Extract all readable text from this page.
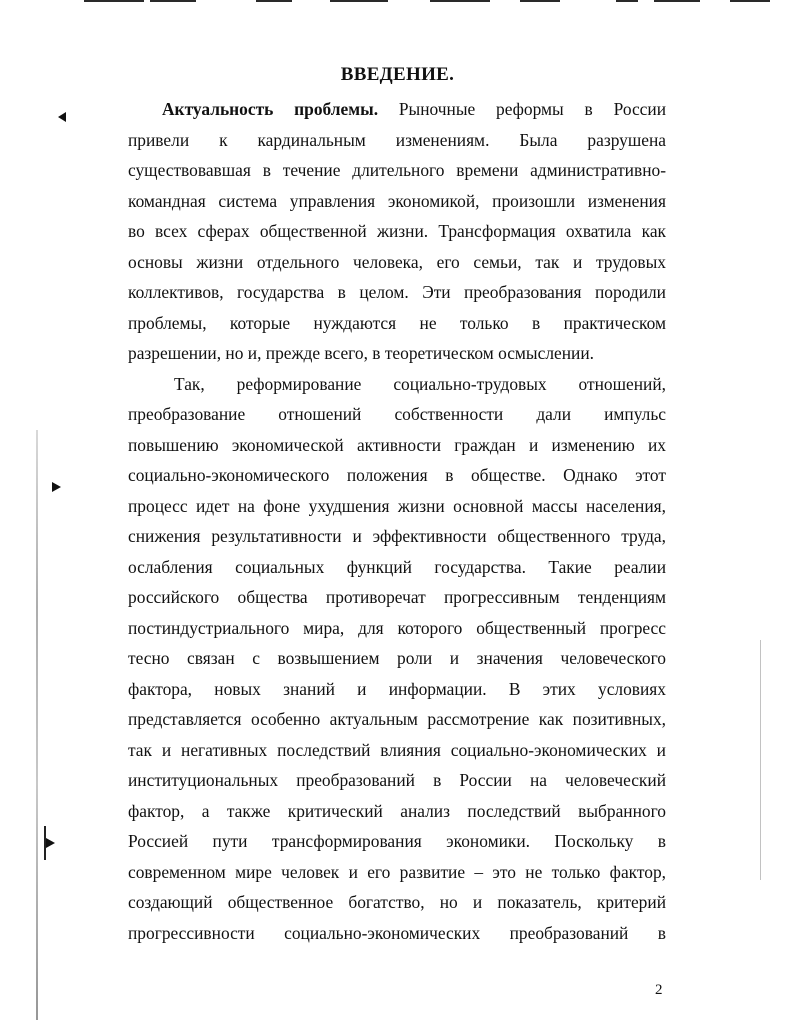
ВВЕДЕНИЕ.
Актуальность проблемы. Рыночные реформы в России
привели к кардинальным изменениям. Была разрушена
существовавшая в течение длительного времени административно-
командная система управления экономикой, произошли изменения
во всех сферах общественной жизни. Трансформация охватила как
основы жизни отдельного человека, его семьи, так и трудовых
коллективов, государства в целом. Эти преобразования породили
проблемы, которые нуждаются не только в практическом
разрешении, но и, прежде всего, в теоретическом осмыслении.
Так, реформирование социально-трудовых отношений,
преобразование отношений собственности дали импульс
повышению экономической активности граждан и изменению их
социально-экономического положения в обществе. Однако этот
процесс идет на фоне ухудшения жизни основной массы населения,
снижения результативности и эффективности общественного труда,
ослабления социальных функций государства. Такие реалии
российского общества противоречат прогрессивным тенденциям
постиндустриального мира, для которого общественный прогресс
тесно связан с возвышением роли и значения человеческого
фактора, новых знаний и информации. В этих условиях
представляется особенно актуальным рассмотрение как позитивных,
так и негативных последствий влияния социально-экономических и
институциональных преобразований в России на человеческий
фактор, а также критический анализ последствий выбранного
Россией пути трансформирования экономики. Поскольку в
современном мире человек и его развитие – это не только фактор,
создающий общественное богатство, но и показатель, критерий
прогрессивности социально-экономических преобразований в
2
